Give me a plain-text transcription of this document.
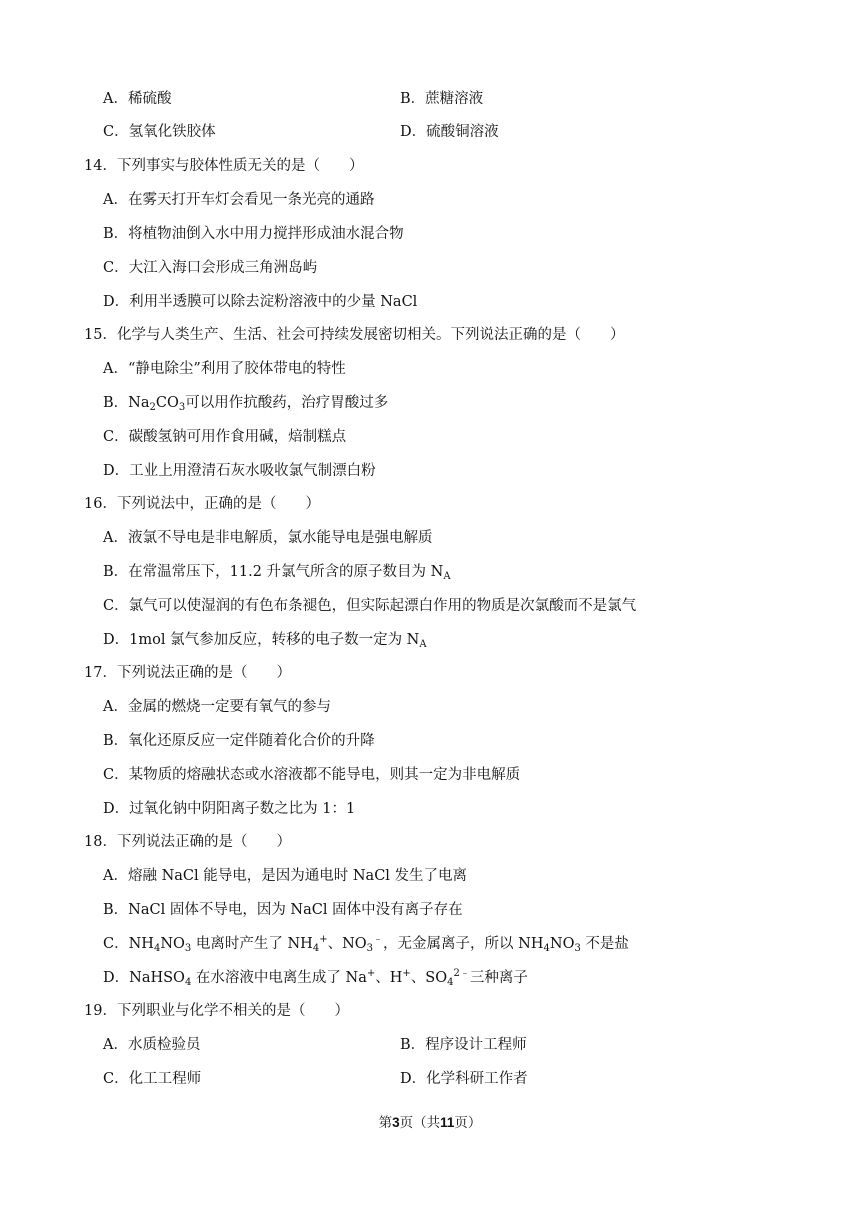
A．稀硫酸	B．蔗糖溶液
C．氢氧化铁胶体	D．硫酸铜溶液
14．下列事实与胶体性质无关的是（　　）
A．在雾天打开车灯会看见一条光亮的通路
B．将植物油倒入水中用力搅拌形成油水混合物
C．大江入海口会形成三角洲岛屿
D．利用半透膜可以除去淀粉溶液中的少量 NaCl
15．化学与人类生产、生活、社会可持续发展密切相关。下列说法正确的是（　　）
A．“静电除尘”利用了胶体带电的特性
B．$Na_2CO_3$可以用作抗酸药，治疗胃酸过多
C．碳酸氢钠可用作食用碱，焙制糕点
D．工业上用澄清石灰水吸收氯气制漂白粉
16．下列说法中，正确的是（　　）
A．液氯不导电是非电解质，氯水能导电是强电解质
B．在常温常压下，11.2 升氯气所含的原子数目为 $N_A$
C．氯气可以使湿润的有色布条褪色，但实际起漂白作用的物质是次氯酸而不是氯气
D．1mol 氯气参加反应，转移的电子数一定为 $N_A$
17．下列说法正确的是（　　）
A．金属的燃烧一定要有氧气的参与
B．氧化还原反应一定伴随着化合价的升降
C．某物质的熔融状态或水溶液都不能导电，则其一定为非电解质
D．过氧化钠中阴阳离子数之比为 1：1
18．下列说法正确的是（　　）
A．熔融 NaCl 能导电，是因为通电时 NaCl 发生了电离
B．NaCl 固体不导电，因为 NaCl 固体中没有离子存在
C．$NH_4NO_3$ 电离时产生了 $NH_4^+$、$NO_3^﹣$，无金属离子，所以 $NH_4NO_3$ 不是盐
D．NaHSO$_4$ 在水溶液中电离生成了 Na+、H+、$SO_4^{2﹣}$三种离子
19．下列职业与化学不相关的是（　　）
A．水质检验员	B．程序设计工程师
C．化工工程师	D．化学科研工作者
第3页（共11页）
